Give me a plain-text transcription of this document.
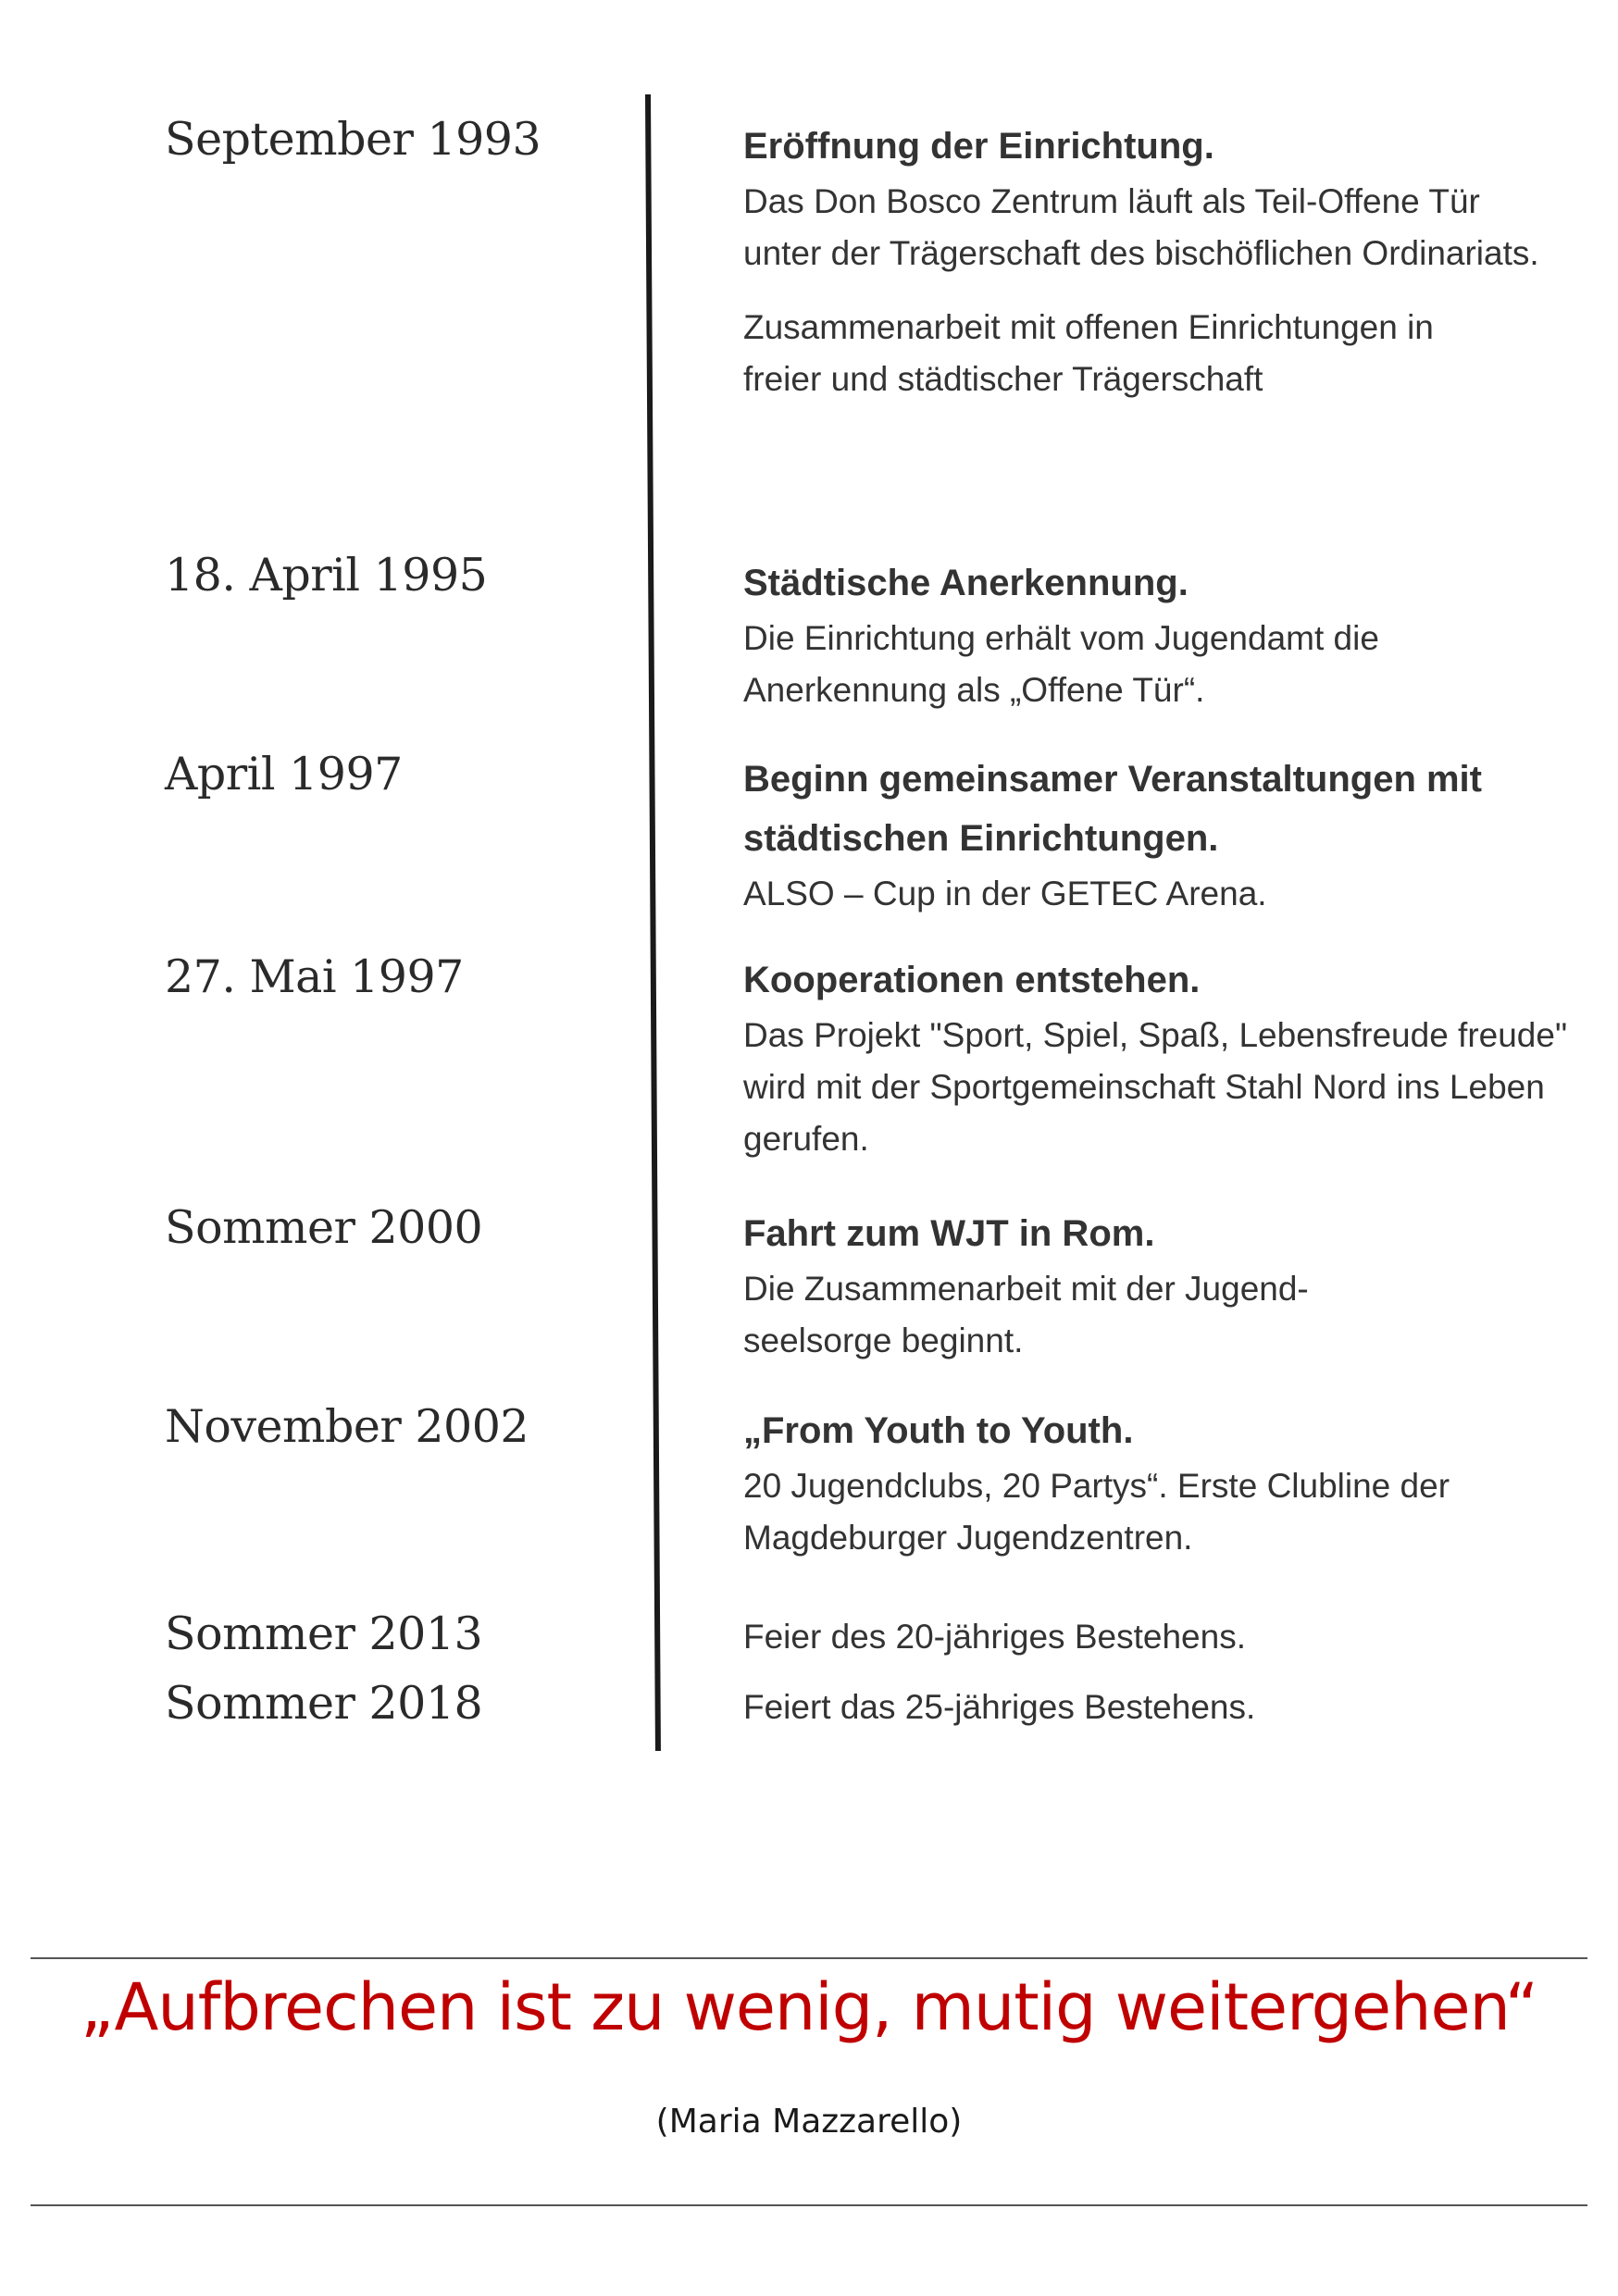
September 1993	Eröffnung der Einrichtung.

Das Don Bosco Zentrum läuft als Teil-Offene Tür unter der Trägerschaft des bischöflichen Ordinariats.

Zusammenarbeit mit offenen Einrichtungen in freier und städtischer Trägerschaft

18. April 1995	Städtische Anerkennung.

Die Einrichtung erhält vom Jugendamt die Anerkennung als „Offene Tür“.

April 1997	Beginn gemeinsamer Veranstaltungen mit städtischen Einrichtungen.

ALSO – Cup in der GETEC Arena.

27. Mai 1997	Kooperationen entstehen.

Das Projekt "Sport, Spiel, Spaß, Lebensfreude freude" wird mit der Sportgemeinschaft Stahl Nord ins Leben gerufen.

Sommer 2000	Fahrt zum WJT in Rom.

Die Zusammenarbeit mit der Jugend-seelsorge beginnt.

November 2002	„From Youth to Youth.

20 Jugendclubs, 20 Partys“. Erste Clubline der Magdeburger Jugendzentren.

Sommer 2013	Feier des 20-jähriges Bestehens.

Sommer 2018	Feiert das 25-jähriges Bestehens.

„Aufbrechen ist zu wenig, mutig weitergehen“

(Maria Mazzarello)
